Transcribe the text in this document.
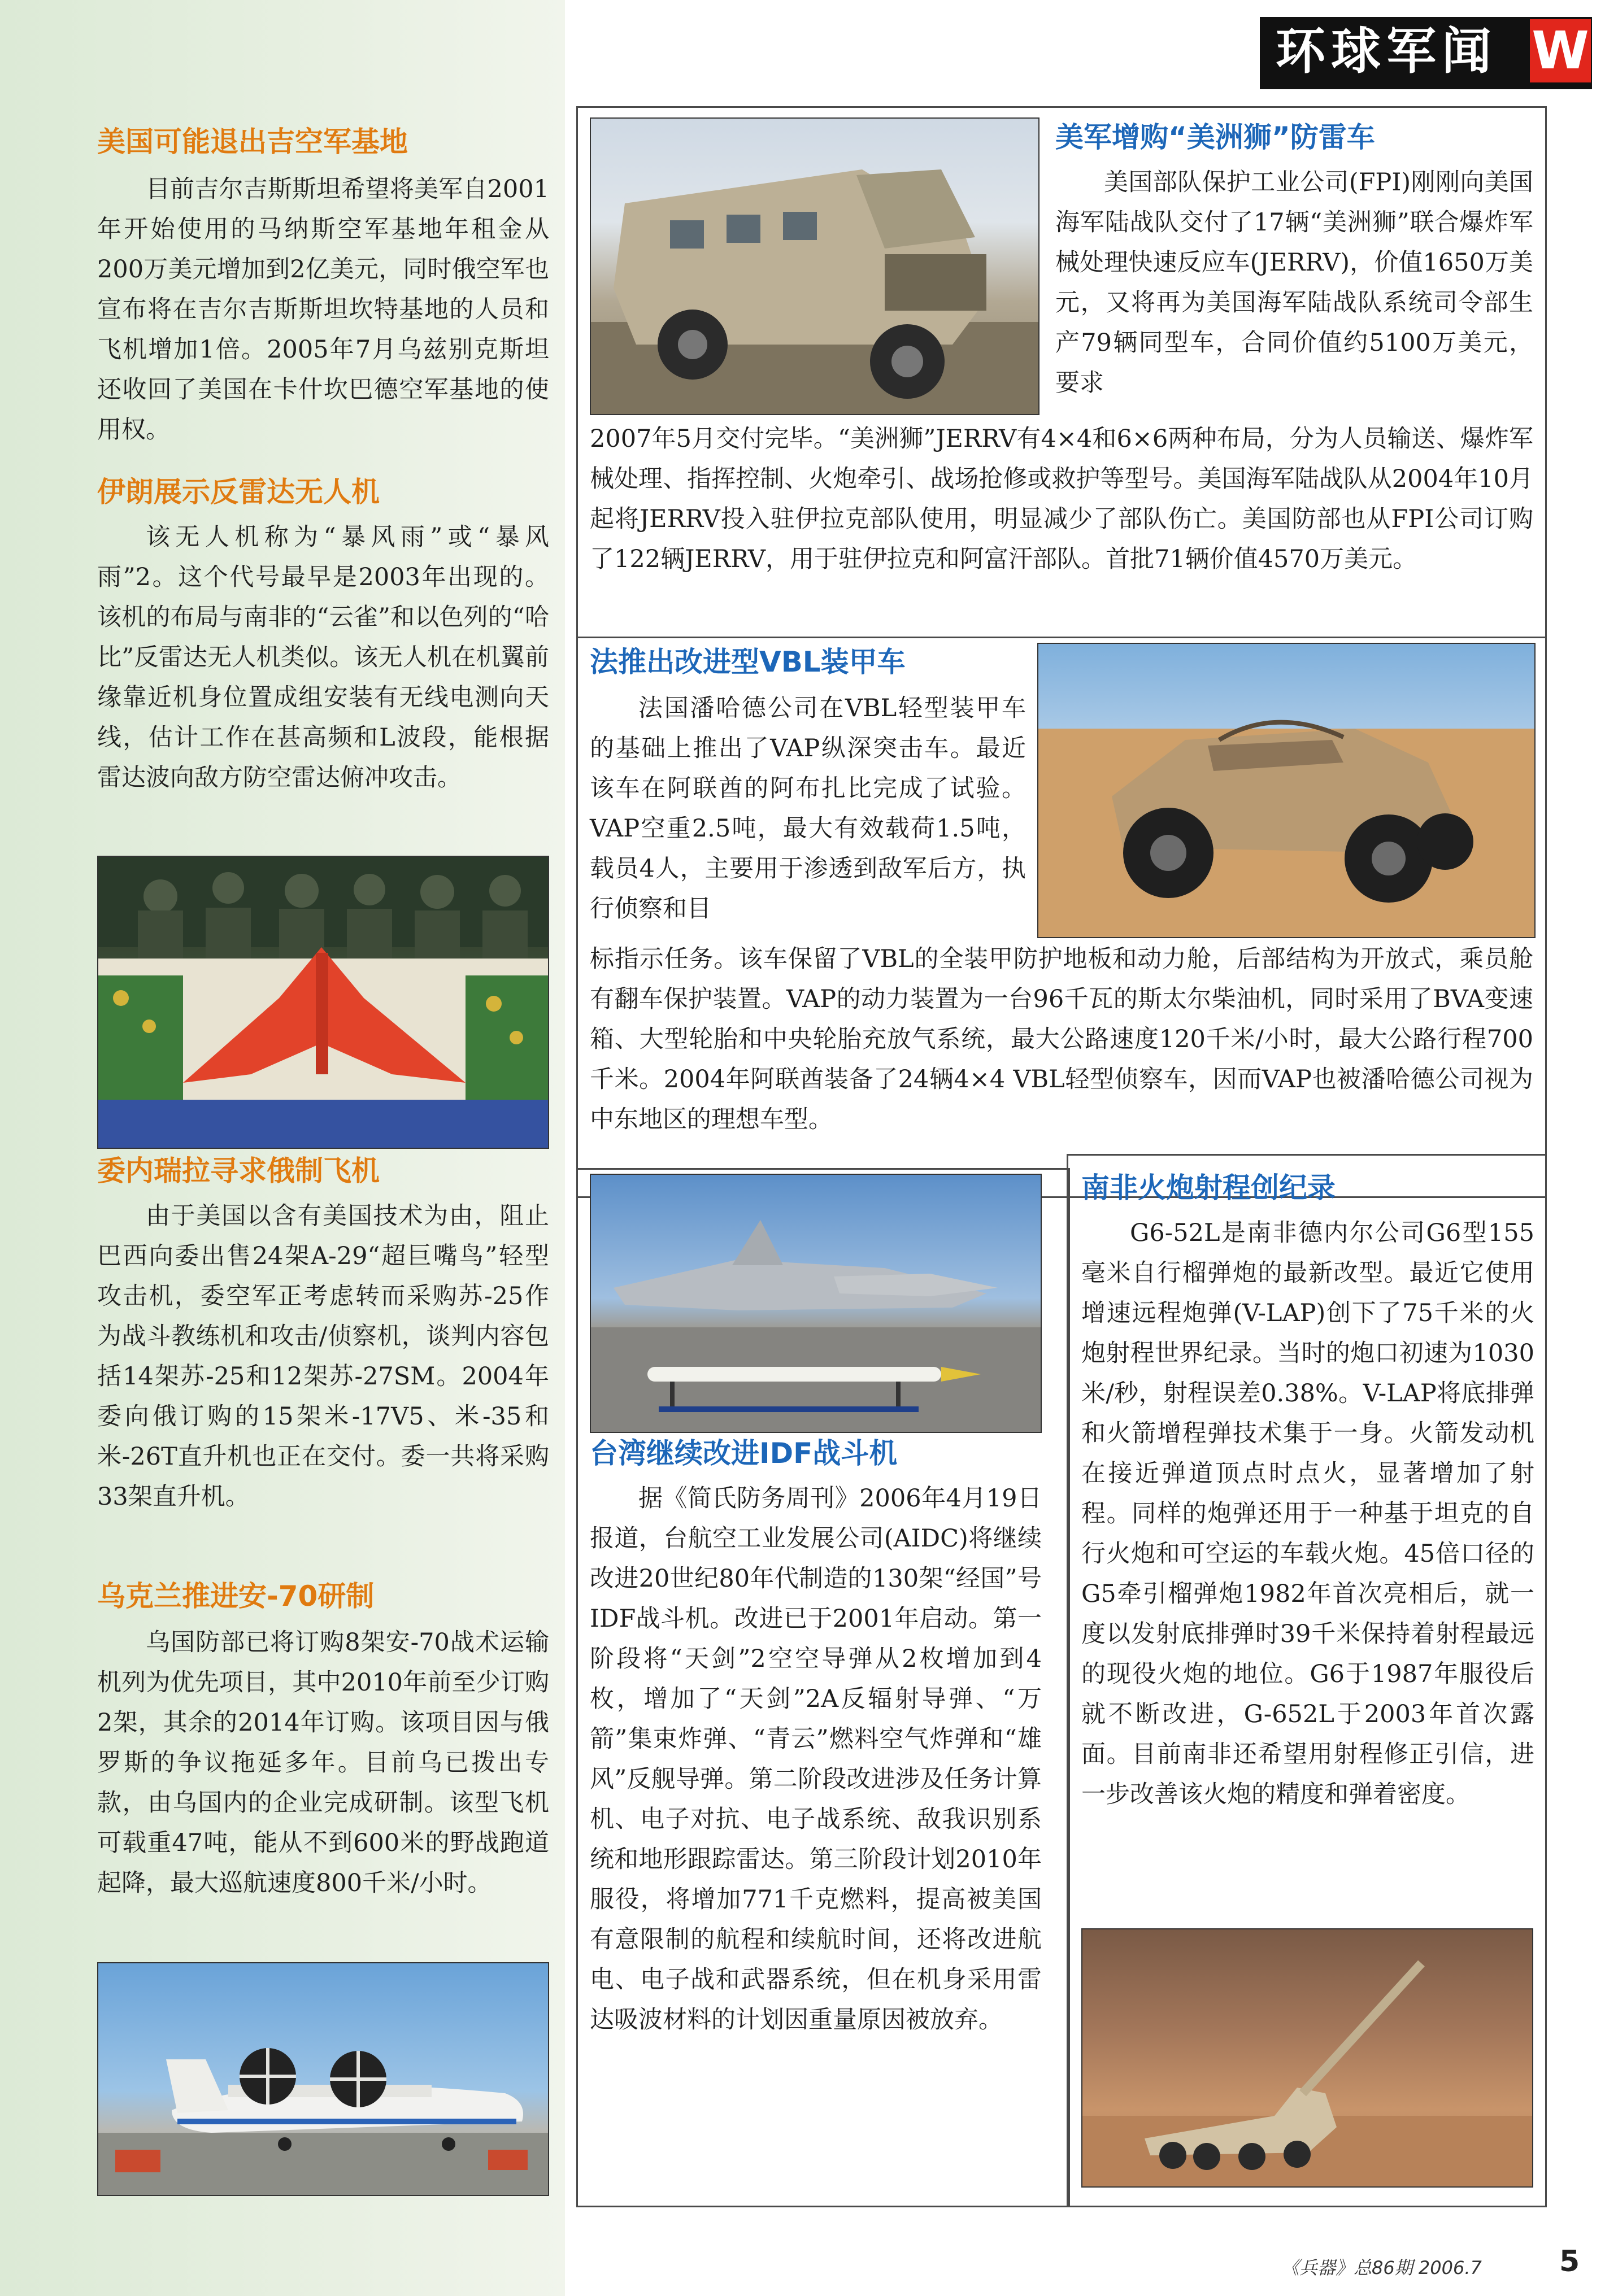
环球军闻 W
美国可能退出吉空军基地

目前吉尔吉斯斯坦希望将美军自2001年开始使用的马纳斯空军基地年租金从200万美元增加到2亿美元，同时俄空军也宣布将在吉尔吉斯斯坦坎特基地的人员和飞机增加1倍。2005年7月乌兹别克斯坦还收回了美国在卡什坎巴德空军基地的使用权。

伊朗展示反雷达无人机

该无人机称为“暴风雨”或“暴风雨”2。这个代号最早是2003年出现的。该机的布局与南非的“云雀”和以色列的“哈比”反雷达无人机类似。该无人机在机翼前缘靠近机身位置成组安装有无线电测向天线，估计工作在甚高频和L波段，能根据雷达波向敌方防空雷达俯冲攻击。

委内瑞拉寻求俄制飞机

由于美国以含有美国技术为由，阻止巴西向委出售24架A-29“超巨嘴鸟”轻型攻击机，委空军正考虑转而采购苏-25作为战斗教练机和攻击/侦察机，谈判内容包括14架苏-25和12架苏-27SM。2004年委向俄订购的15架米-17V5、米-35和米-26T直升机也正在交付。委一共将采购33架直升机。

乌克兰推进安-70研制

乌国防部已将订购8架安-70战术运输机列为优先项目，其中2010年前至少订购2架，其余的2014年订购。该项目因与俄罗斯的争议拖延多年。目前乌已拨出专款，由乌国内的企业完成研制。该型飞机可载重47吨，能从不到600米的野战跑道起降，最大巡航速度800千米/小时。

美军增购“美洲狮”防雷车

美国部队保护工业公司(FPI)刚刚向美国海军陆战队交付了17辆“美洲狮”联合爆炸军械处理快速反应车(JERRV)，价值1650万美元，又将再为美国海军陆战队系统司令部生产79辆同型车，合同价值约5100万美元，要求

2007年5月交付完毕。“美洲狮”JERRV有4×4和6×6两种布局，分为人员输送、爆炸军械处理、指挥控制、火炮牵引、战场抢修或救护等型号。美国海军陆战队从2004年10月起将JERRV投入驻伊拉克部队使用，明显减少了部队伤亡。美国防部也从FPI公司订购了122辆JERRV，用于驻伊拉克和阿富汗部队。首批71辆价值4570万美元。

法推出改进型VBL装甲车

法国潘哈德公司在VBL轻型装甲车的基础上推出了VAP纵深突击车。最近该车在阿联酋的阿布扎比完成了试验。VAP空重2.5吨，最大有效载荷1.5吨，载员4人，主要用于渗透到敌军后方，执行侦察和目

标指示任务。该车保留了VBL的全装甲防护地板和动力舱，后部结构为开放式，乘员舱有翻车保护装置。VAP的动力装置为一台96千瓦的斯太尔柴油机，同时采用了BVA变速箱、大型轮胎和中央轮胎充放气系统，最大公路速度120千米/小时，最大公路行程700千米。2004年阿联酋装备了24辆4×4 VBL轻型侦察车，因而VAP也被潘哈德公司视为中东地区的理想车型。

台湾继续改进IDF战斗机

据《简氏防务周刊》2006年4月19日报道，台航空工业发展公司(AIDC)将继续改进20世纪80年代制造的130架“经国”号IDF战斗机。改进已于2001年启动。第一阶段将“天剑”2空空导弹从2枚增加到4枚，增加了“天剑”2A反辐射导弹、“万箭”集束炸弹、“青云”燃料空气炸弹和“雄风”反舰导弹。第二阶段改进涉及任务计算机、电子对抗、电子战系统、敌我识别系统和地形跟踪雷达。第三阶段计划2010年服役，将增加771千克燃料，提高被美国有意限制的航程和续航时间，还将改进航电、电子战和武器系统，但在机身采用雷达吸波材料的计划因重量原因被放弃。

南非火炮射程创纪录

G6-52L是南非德内尔公司G6型155毫米自行榴弹炮的最新改型。最近它使用增速远程炮弹(V-LAP)创下了75千米的火炮射程世界纪录。当时的炮口初速为1030米/秒，射程误差0.38%。V-LAP将底排弹和火箭增程弹技术集于一身。火箭发动机在接近弹道顶点时点火，显著增加了射程。同样的炮弹还用于一种基于坦克的自行火炮和可空运的车载火炮。45倍口径的G5牵引榴弹炮1982年首次亮相后，就一度以发射底排弹时39千米保持着射程最远的现役火炮的地位。G6于1987年服役后就不断改进，G-652L于2003年首次露面。目前南非还希望用射程修正引信，进一步改善该火炮的精度和弹着密度。

《兵器》总86期 2006.7	5
